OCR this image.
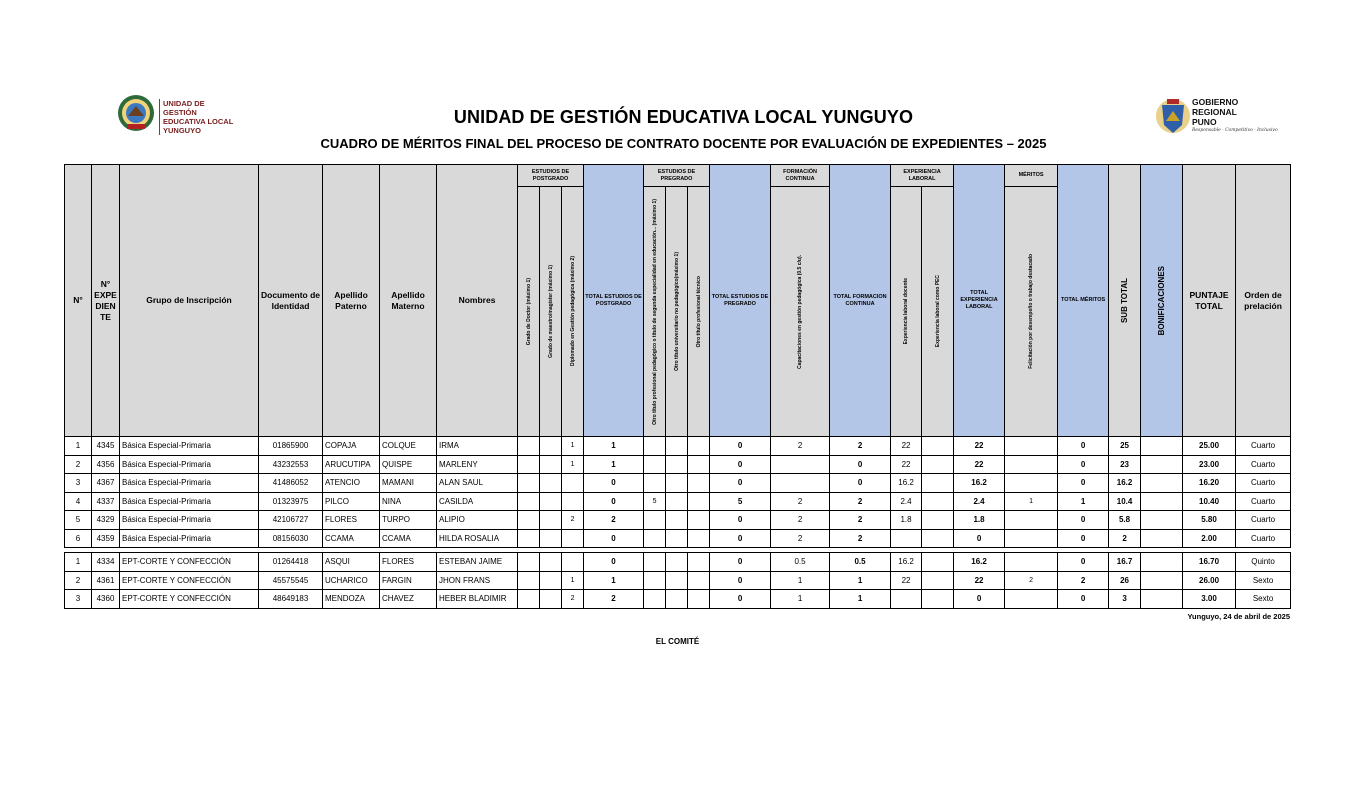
UNIDAD DE GESTIÓN
EDUCATIVA LOCAL
YUNGUYO
GOBIERNO
REGIONAL
PUNO
Responsable · Competitivo · Inclusivo
UNIDAD DE GESTIÓN EDUCATIVA LOCAL YUNGUYO
CUADRO DE MÉRITOS FINAL DEL PROCESO DE CONTRATO DOCENTE POR EVALUACIÓN DE EXPEDIENTES – 2025
N°	N° EXPE DIEN TE	Grupo de Inscripción	Documento de Identidad	Apellido Paterno	Apellido Materno	Nombres	ESTUDIOS DE POSTGRADO			TOTAL ESTUDIOS DE POSTGRADO	ESTUDIOS DE PREGRADO			TOTAL ESTUDIOS DE PREGRADO	FORMACIÓN CONTINUA	TOTAL FORMACION CONTINUA	EXPERIENCIA LABORAL		TOTAL EXPERIENCIA LABORAL	MÉRITOS	TOTAL MÉRITOS	SUB TOTAL	BONIFICACIONES	PUNTAJE TOTAL	Orden de prelación

							Grado de Doctor (máximo 1)	Grado de maestro/magister (máximo 1)	Diplomado en Gestión pedagógica (máximo 2)		Otro título profesional pedagógico o título de segunda especialidad en educación... (máximo 1)	Otro título universitario no pedagógico(máximo 1)	Otro título profesional técnico		Capacitaciones en gestión pedagógica (0.5 c/u).		Experiencia laboral docente	Experiencia laboral como PEC		Felicitación por desempeño o trabajo destacado					

1	4345	Básica Especial-Primaria	01865900	COPAJA	COLQUE	IRMA			1	1				0	2	2	22		22		0	25		25.00	Cuarto
2	4356	Básica Especial-Primaria	43232553	ARUCUTIPA	QUISPE	MARLENY			1	1				0		0	22		22		0	23		23.00	Cuarto
3	4367	Básica Especial-Primaria	41486052	ATENCIO	MAMANI	ALAN SAUL				0				0		0	16.2		16.2		0	16.2		16.20	Cuarto
4	4337	Básica Especial-Primaria	01323975	PILCO	NINA	CASILDA				0	5			5	2	2	2.4		2.4	1	1	10.4		10.40	Cuarto
5	4329	Básica Especial-Primaria	42106727	FLORES	TURPO	ALIPIO			2	2				0	2	2	1.8		1.8		0	5.8		5.80	Cuarto
6	4359	Básica Especial-Primaria	08156030	CCAMA	CCAMA	HILDA ROSALIA				0				0	2	2			0		0	2		2.00	Cuarto

1	4334	EPT-CORTE Y CONFECCIÓN	01264418	ASQUI	FLORES	ESTEBAN JAIME				0				0	0.5	0.5	16.2		16.2		0	16.7		16.70	Quinto
2	4361	EPT-CORTE Y CONFECCIÓN	45575545	UCHARICO	FARGIN	JHON FRANS			1	1				0	1	1	22		22	2	2	26		26.00	Sexto
3	4360	EPT-CORTE Y CONFECCIÓN	48649183	MENDOZA	CHAVEZ	HEBER BLADIMIR			2	2				0	1	1			0		0	3		3.00	Sexto
Yunguyo, 24 de abril de 2025
EL COMITÉ
